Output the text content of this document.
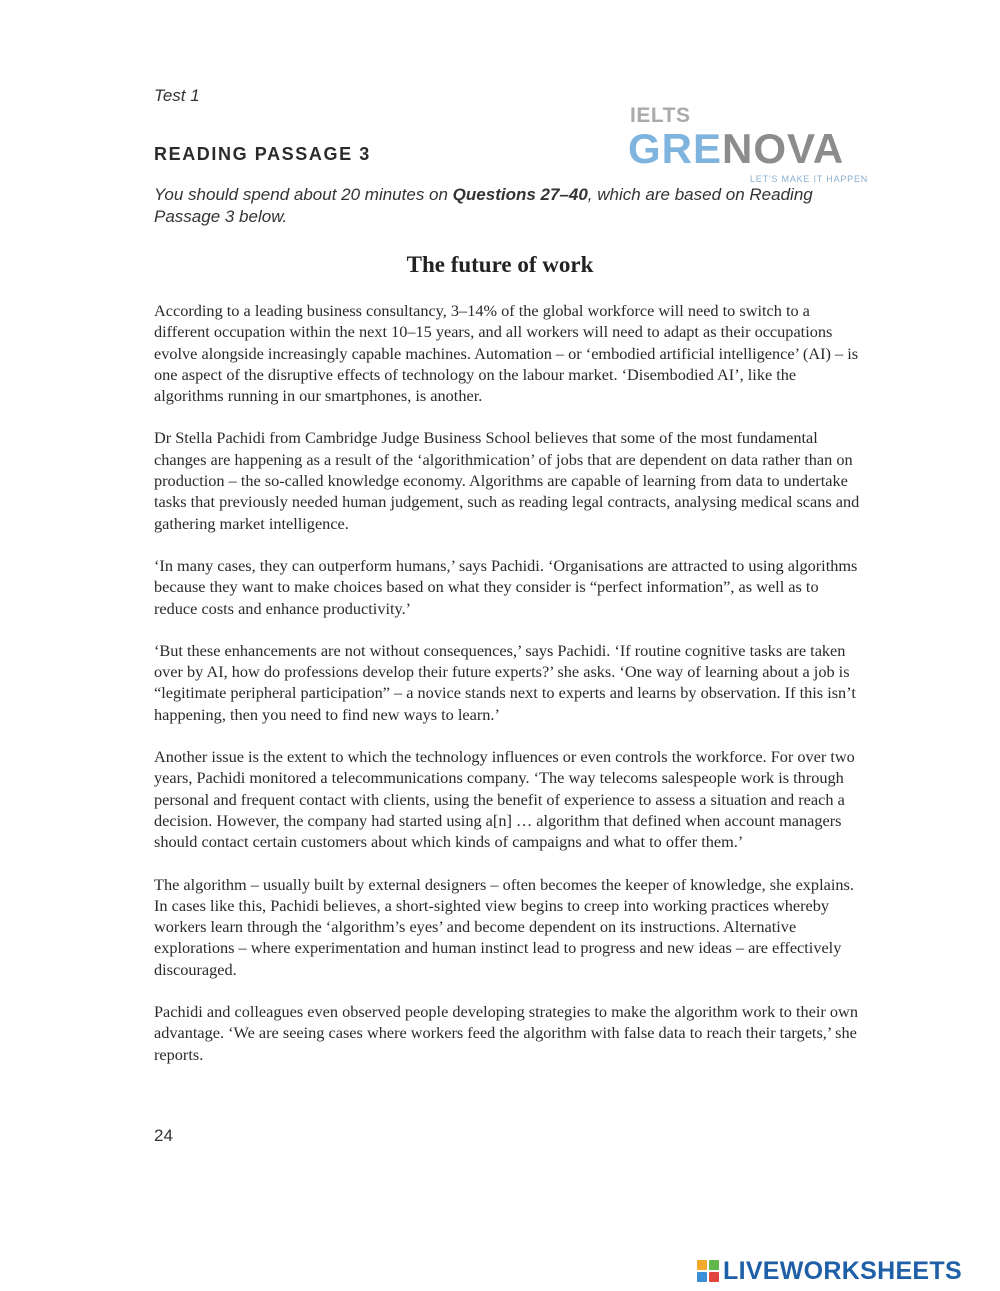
Test 1
READING PASSAGE 3
IELTS
GRENOVA
LET'S MAKE IT HAPPEN
You should spend about 20 minutes on Questions 27–40, which are based on Reading Passage 3 below.
The future of work

According to a leading business consultancy, 3–14% of the global workforce will need to switch to a different occupation within the next 10–15 years, and all workers will need to adapt as their occupations evolve alongside increasingly capable machines. Automation – or ‘embodied artificial intelligence’ (AI) – is one aspect of the disruptive effects of technology on the labour market. ‘Disembodied AI’, like the algorithms running in our smartphones, is another.

Dr Stella Pachidi from Cambridge Judge Business School believes that some of the most fundamental changes are happening as a result of the ‘algorithmication’ of jobs that are dependent on data rather than on production – the so-called knowledge economy. Algorithms are capable of learning from data to undertake tasks that previously needed human judgement, such as reading legal contracts, analysing medical scans and gathering market intelligence.

‘In many cases, they can outperform humans,’ says Pachidi. ‘Organisations are attracted to using algorithms because they want to make choices based on what they consider is “perfect information”, as well as to reduce costs and enhance productivity.’

‘But these enhancements are not without consequences,’ says Pachidi. ‘If routine cognitive tasks are taken over by AI, how do professions develop their future experts?’ she asks. ‘One way of learning about a job is “legitimate peripheral participation” – a novice stands next to experts and learns by observation. If this isn’t happening, then you need to find new ways to learn.’

Another issue is the extent to which the technology influences or even controls the workforce. For over two years, Pachidi monitored a telecommunications company. ‘The way telecoms salespeople work is through personal and frequent contact with clients, using the benefit of experience to assess a situation and reach a decision. However, the company had started using a[n] … algorithm that defined when account managers should contact certain customers about which kinds of campaigns and what to offer them.’

The algorithm – usually built by external designers – often becomes the keeper of knowledge, she explains. In cases like this, Pachidi believes, a short-sighted view begins to creep into working practices whereby workers learn through the ‘algorithm’s eyes’ and become dependent on its instructions. Alternative explorations – where experimentation and human instinct lead to progress and new ideas – are effectively discouraged.

Pachidi and colleagues even observed people developing strategies to make the algorithm work to their own advantage. ‘We are seeing cases where workers feed the algorithm with false data to reach their targets,’ she reports.

24
LIVEWORKSHEETS
